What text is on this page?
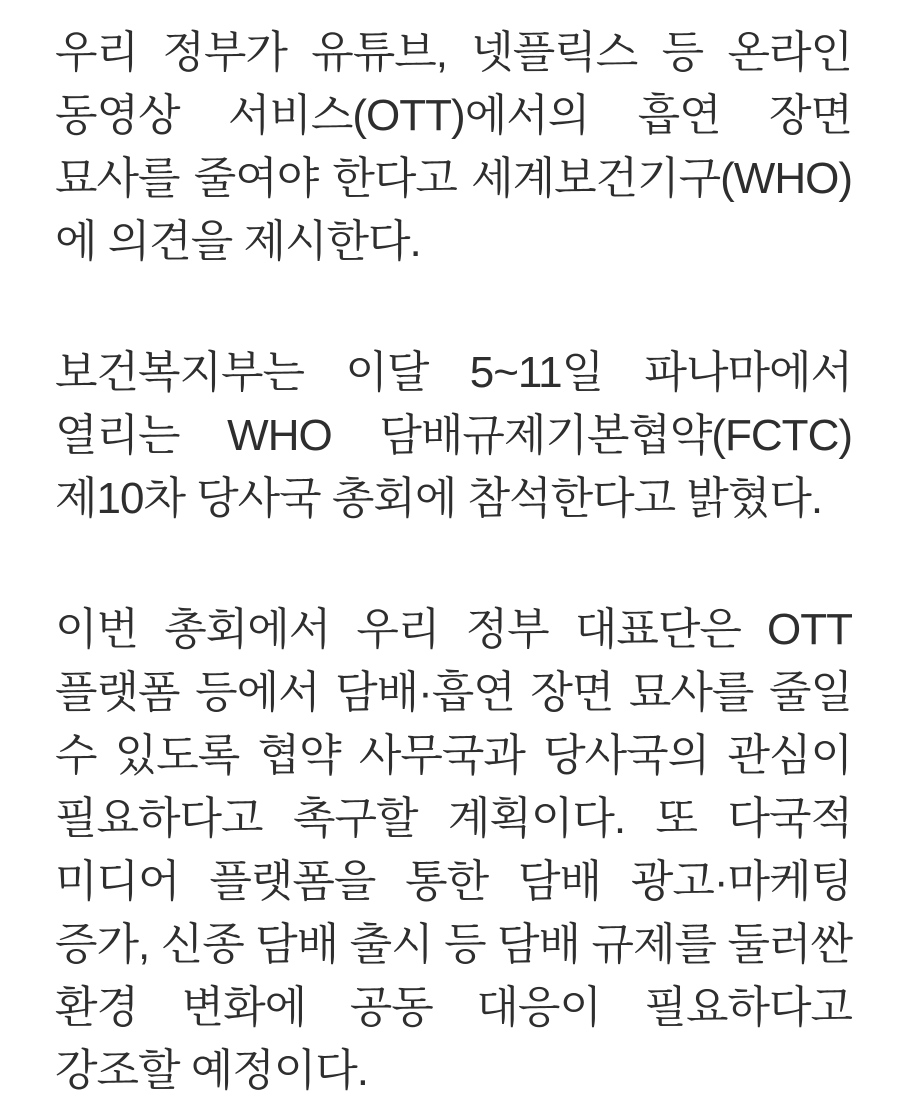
우리 정부가 유튜브, 넷플릭스 등 온라인 동영상 서비스(OTT)에서의 흡연 장면 묘사를 줄여야 한다고 세계보건기구(WHO)에 의견을 제시한다.

보건복지부는 이달 5~11일 파나마에서 열리는 WHO 담배규제기본협약(FCTC) 제10차 당사국 총회에 참석한다고 밝혔다.

이번 총회에서 우리 정부 대표단은 OTT 플랫폼 등에서 담배·흡연 장면 묘사를 줄일 수 있도록 협약 사무국과 당사국의 관심이 필요하다고 촉구할 계획이다. 또 다국적 미디어 플랫폼을 통한 담배 광고·마케팅 증가, 신종 담배 출시 등 담배 규제를 둘러싼 환경 변화에 공동 대응이 필요하다고 강조할 예정이다.
